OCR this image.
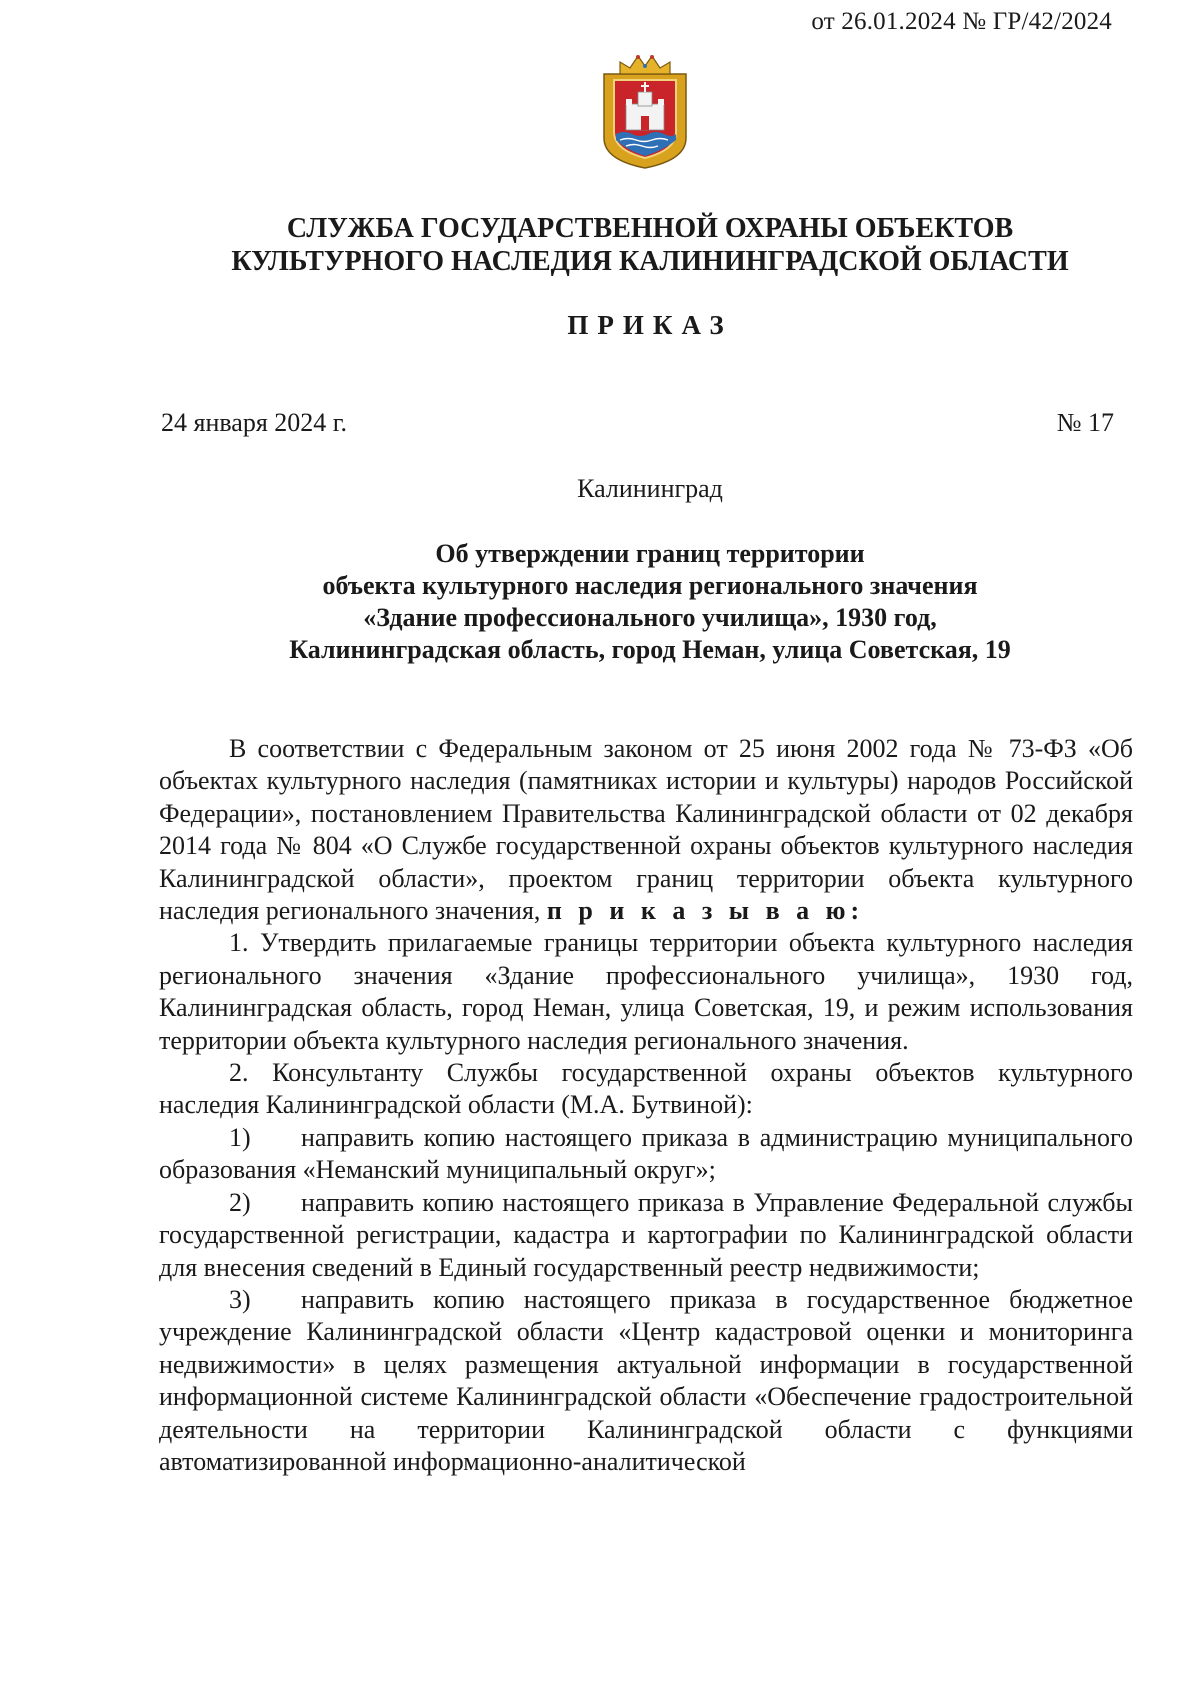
от 26.01.2024 № ГР/42/2024
СЛУЖБА ГОСУДАРСТВЕННОЙ ОХРАНЫ ОБЪЕКТОВ
КУЛЬТУРНОГО НАСЛЕДИЯ КАЛИНИНГРАДСКОЙ ОБЛАСТИ
ПРИКАЗ
24 января 2024 г.	№ 17
Калининград
Об утверждении границ территории
объекта культурного наследия регионального значения
«Здание профессионального училища», 1930 год,
Калининградская область, город Неман, улица Советская, 19

В соответствии с Федеральным законом от 25 июня 2002 года № 73-ФЗ «Об объектах культурного наследия (памятниках истории и культуры) народов Российской Федерации», постановлением Правительства Калининградской области от 02 декабря 2014 года № 804 «О Службе государственной охраны объектов культурного наследия Калининградской области», проектом границ территории объекта культурного наследия регионального значения, п р и к а з ы в а ю:

1. Утвердить прилагаемые границы территории объекта культурного наследия регионального значения «Здание профессионального училища», 1930 год, Калининградская область, город Неман, улица Советская, 19, и режим использования территории объекта культурного наследия регионального значения.

2. Консультанту Службы государственной охраны объектов культурного наследия Калининградской области (М.А. Бутвиной):

1) направить копию настоящего приказа в администрацию муниципального образования «Неманский муниципальный округ»;

2) направить копию настоящего приказа в Управление Федеральной службы государственной регистрации, кадастра и картографии по Калининградской области для внесения сведений в Единый государственный реестр недвижимости;

3) направить копию настоящего приказа в государственное бюджетное учреждение Калининградской области «Центр кадастровой оценки и мониторинга недвижимости» в целях размещения актуальной информации в государственной информационной системе Калининградской области «Обеспечение градостроительной деятельности на территории Калининградской области с функциями автоматизированной информационно-аналитической
